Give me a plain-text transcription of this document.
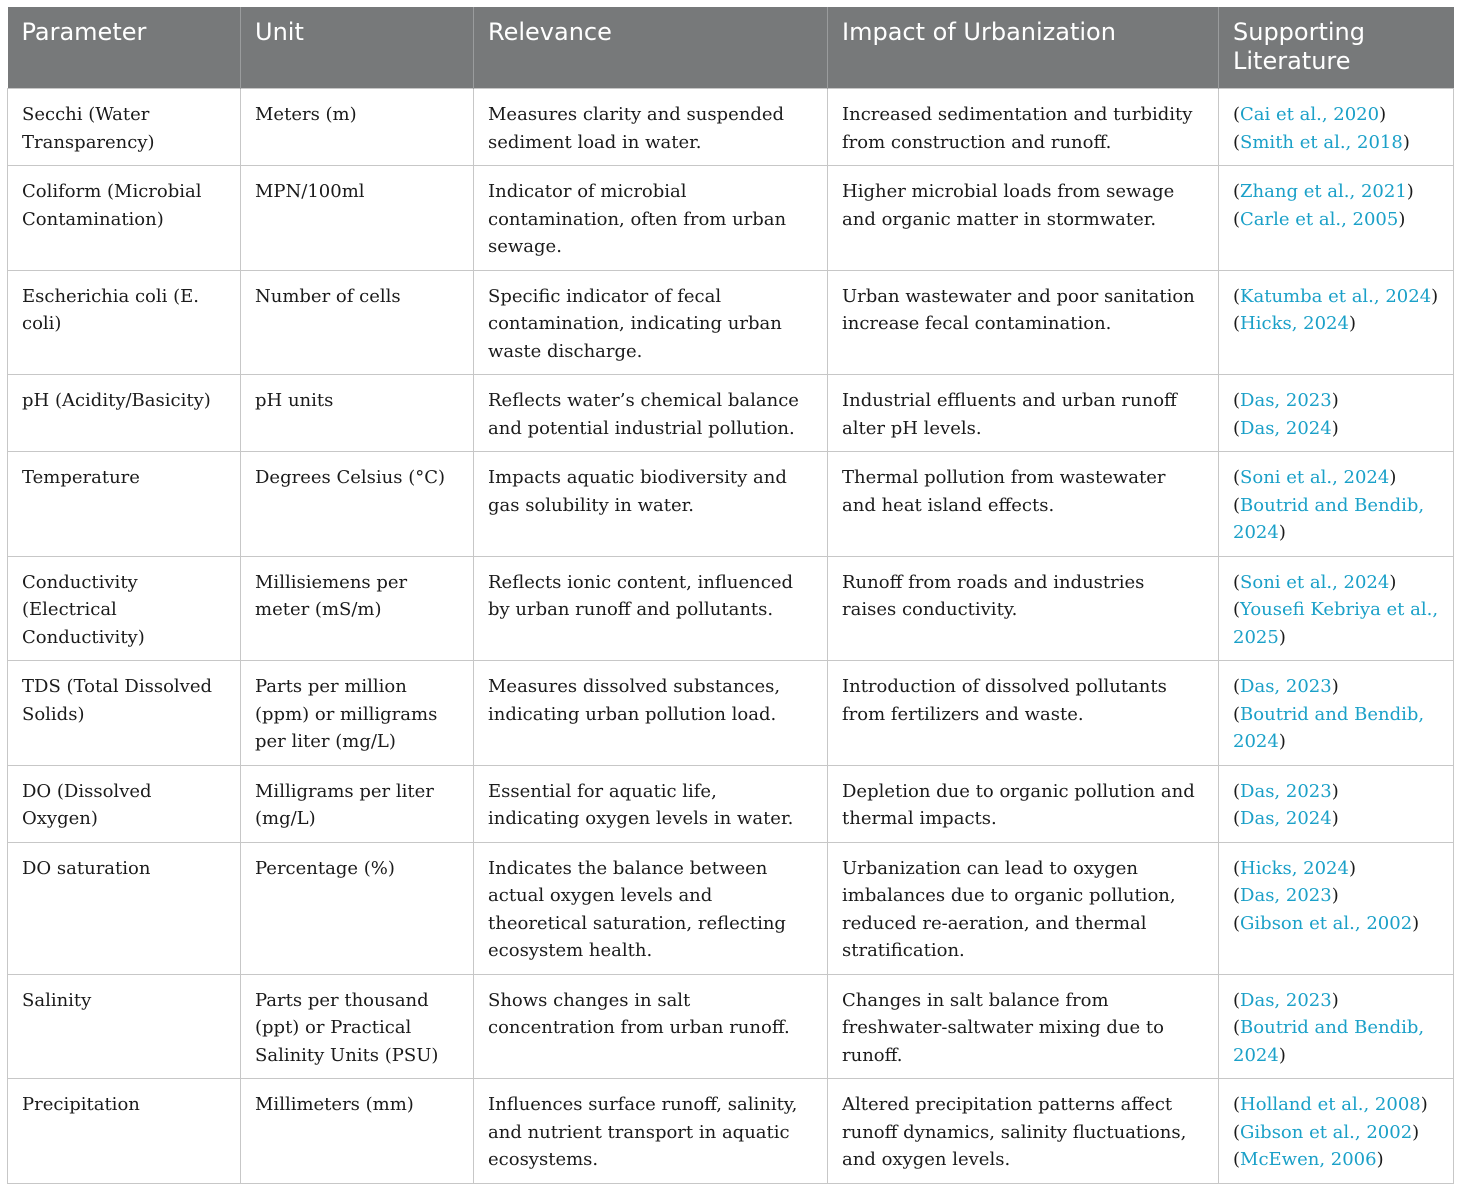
Parameter	Unit	Relevance	Impact of Urbanization	Supporting Literature
Secchi (Water Transparency)	Meters (m)	Measures clarity and suspended sediment load in water.	Increased sedimentation and turbidity from construction and runoff.	(Cai et al., 2020)
(Smith et al., 2018)

Coliform (Microbial Contamination)	MPN/100ml	Indicator of microbial contamination, often from urban sewage.	Higher microbial loads from sewage and organic matter in stormwater.	(Zhang et al., 2021)
(Carle et al., 2005)

Escherichia coli (E. coli)	Number of cells	Specific indicator of fecal contamination, indicating urban waste discharge.	Urban wastewater and poor sanitation increase fecal contamination.	(Katumba et al., 2024)
(Hicks, 2024)

pH (Acidity/Basicity)	pH units	Reflects water’s chemical balance and potential industrial pollution.	Industrial effluents and urban runoff alter pH levels.	(Das, 2023)
(Das, 2024)

Temperature	Degrees Celsius (°C)	Impacts aquatic biodiversity and gas solubility in water.	Thermal pollution from wastewater and heat island effects.	(Soni et al., 2024)
(Boutrid and Bendib, 2024)

Conductivity (Electrical Conductivity)	Millisiemens per meter (mS/m)	Reflects ionic content, influenced by urban runoff and pollutants.	Runoff from roads and industries raises conductivity.	(Soni et al., 2024)
(Yousefi Kebriya et al., 2025)

TDS (Total Dissolved Solids)	Parts per million (ppm) or milligrams per liter (mg/L)	Measures dissolved substances, indicating urban pollution load.	Introduction of dissolved pollutants from fertilizers and waste.	(Das, 2023)
(Boutrid and Bendib, 2024)

DO (Dissolved Oxygen)	Milligrams per liter (mg/L)	Essential for aquatic life, indicating oxygen levels in water.	Depletion due to organic pollution and thermal impacts.	(Das, 2023)
(Das, 2024)

DO saturation	Percentage (%)	Indicates the balance between actual oxygen levels and theoretical saturation, reflecting ecosystem health.	Urbanization can lead to oxygen imbalances due to organic pollution, reduced re-aeration, and thermal stratification.	(Hicks, 2024)
(Das, 2023)
(Gibson et al., 2002)

Salinity	Parts per thousand (ppt) or Practical Salinity Units (PSU)	Shows changes in salt concentration from urban runoff.	Changes in salt balance from freshwater-saltwater mixing due to runoff.	(Das, 2023)
(Boutrid and Bendib, 2024)

Precipitation	Millimeters (mm)	Influences surface runoff, salinity, and nutrient transport in aquatic ecosystems.	Altered precipitation patterns affect runoff dynamics, salinity fluctuations, and oxygen levels.	(Holland et al., 2008)
(Gibson et al., 2002)
(McEwen, 2006)
